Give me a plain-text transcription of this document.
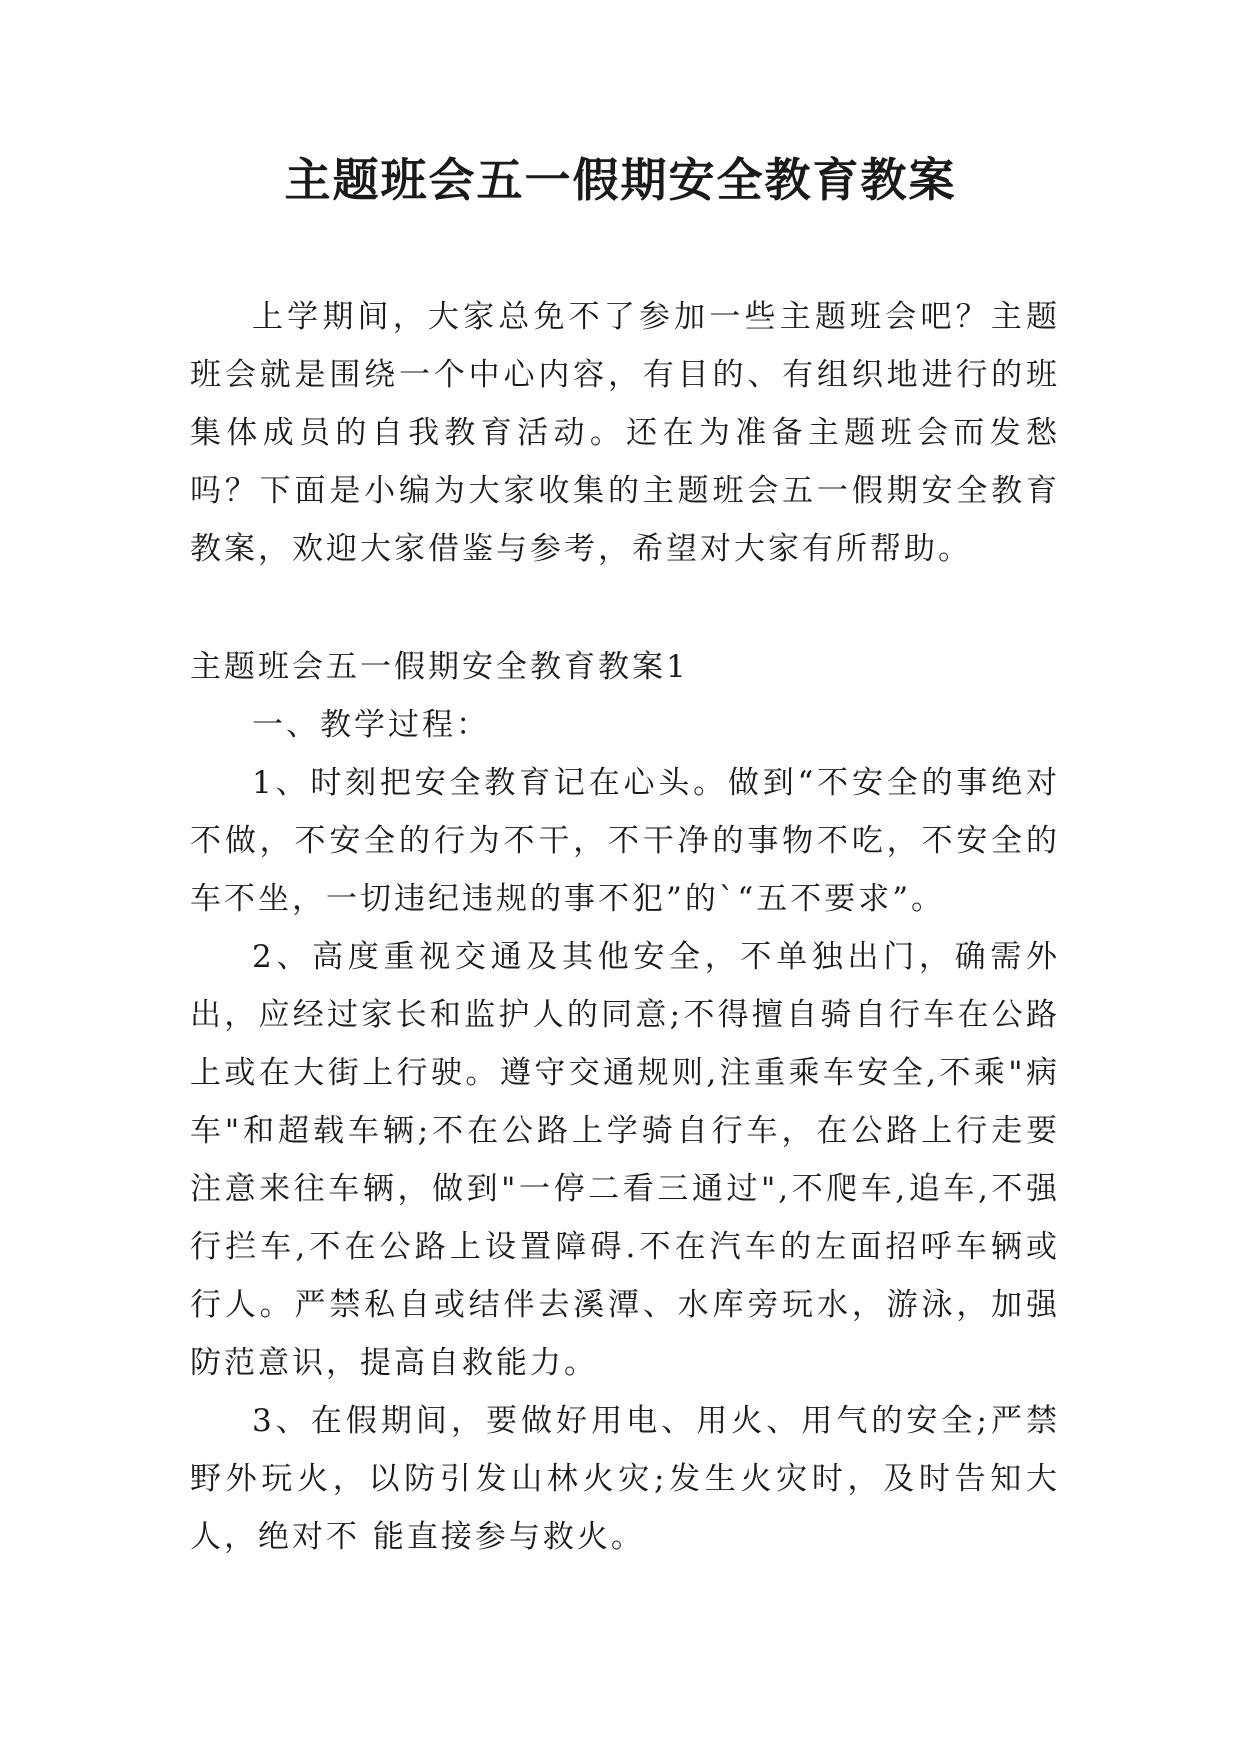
主题班会五一假期安全教育教案

上学期间，大家总免不了参加一些主题班会吧？主题班会就是围绕一个中心内容，有目的、有组织地进行的班集体成员的自我教育活动。还在为准备主题班会而发愁吗？下面是小编为大家收集的主题班会五一假期安全教育教案，欢迎大家借鉴与参考，希望对大家有所帮助。

主题班会五一假期安全教育教案1

一、教学过程：

1、时刻把安全教育记在心头。做到“不安全的事绝对不做，不安全的行为不干，不干净的事物不吃，不安全的车不坐，一切违纪违规的事不犯”的`“五不要求”。

2、高度重视交通及其他安全，不单独出门，确需外出，应经过家长和监护人的同意;不得擅自骑自行车在公路上或在大街上行驶。遵守交通规则,注重乘车安全,不乘"病车"和超载车辆;不在公路上学骑自行车，在公路上行走要注意来往车辆，做到"一停二看三通过",不爬车,追车,不强行拦车,不在公路上设置障碍.不在汽车的左面招呼车辆或行人。严禁私自或结伴去溪潭、水库旁玩水，游泳，加强防范意识，提高自救能力。

3、在假期间，要做好用电、用火、用气的安全;严禁野外玩火，以防引发山林火灾;发生火灾时，及时告知大人，绝对不 能直接参与救火。
